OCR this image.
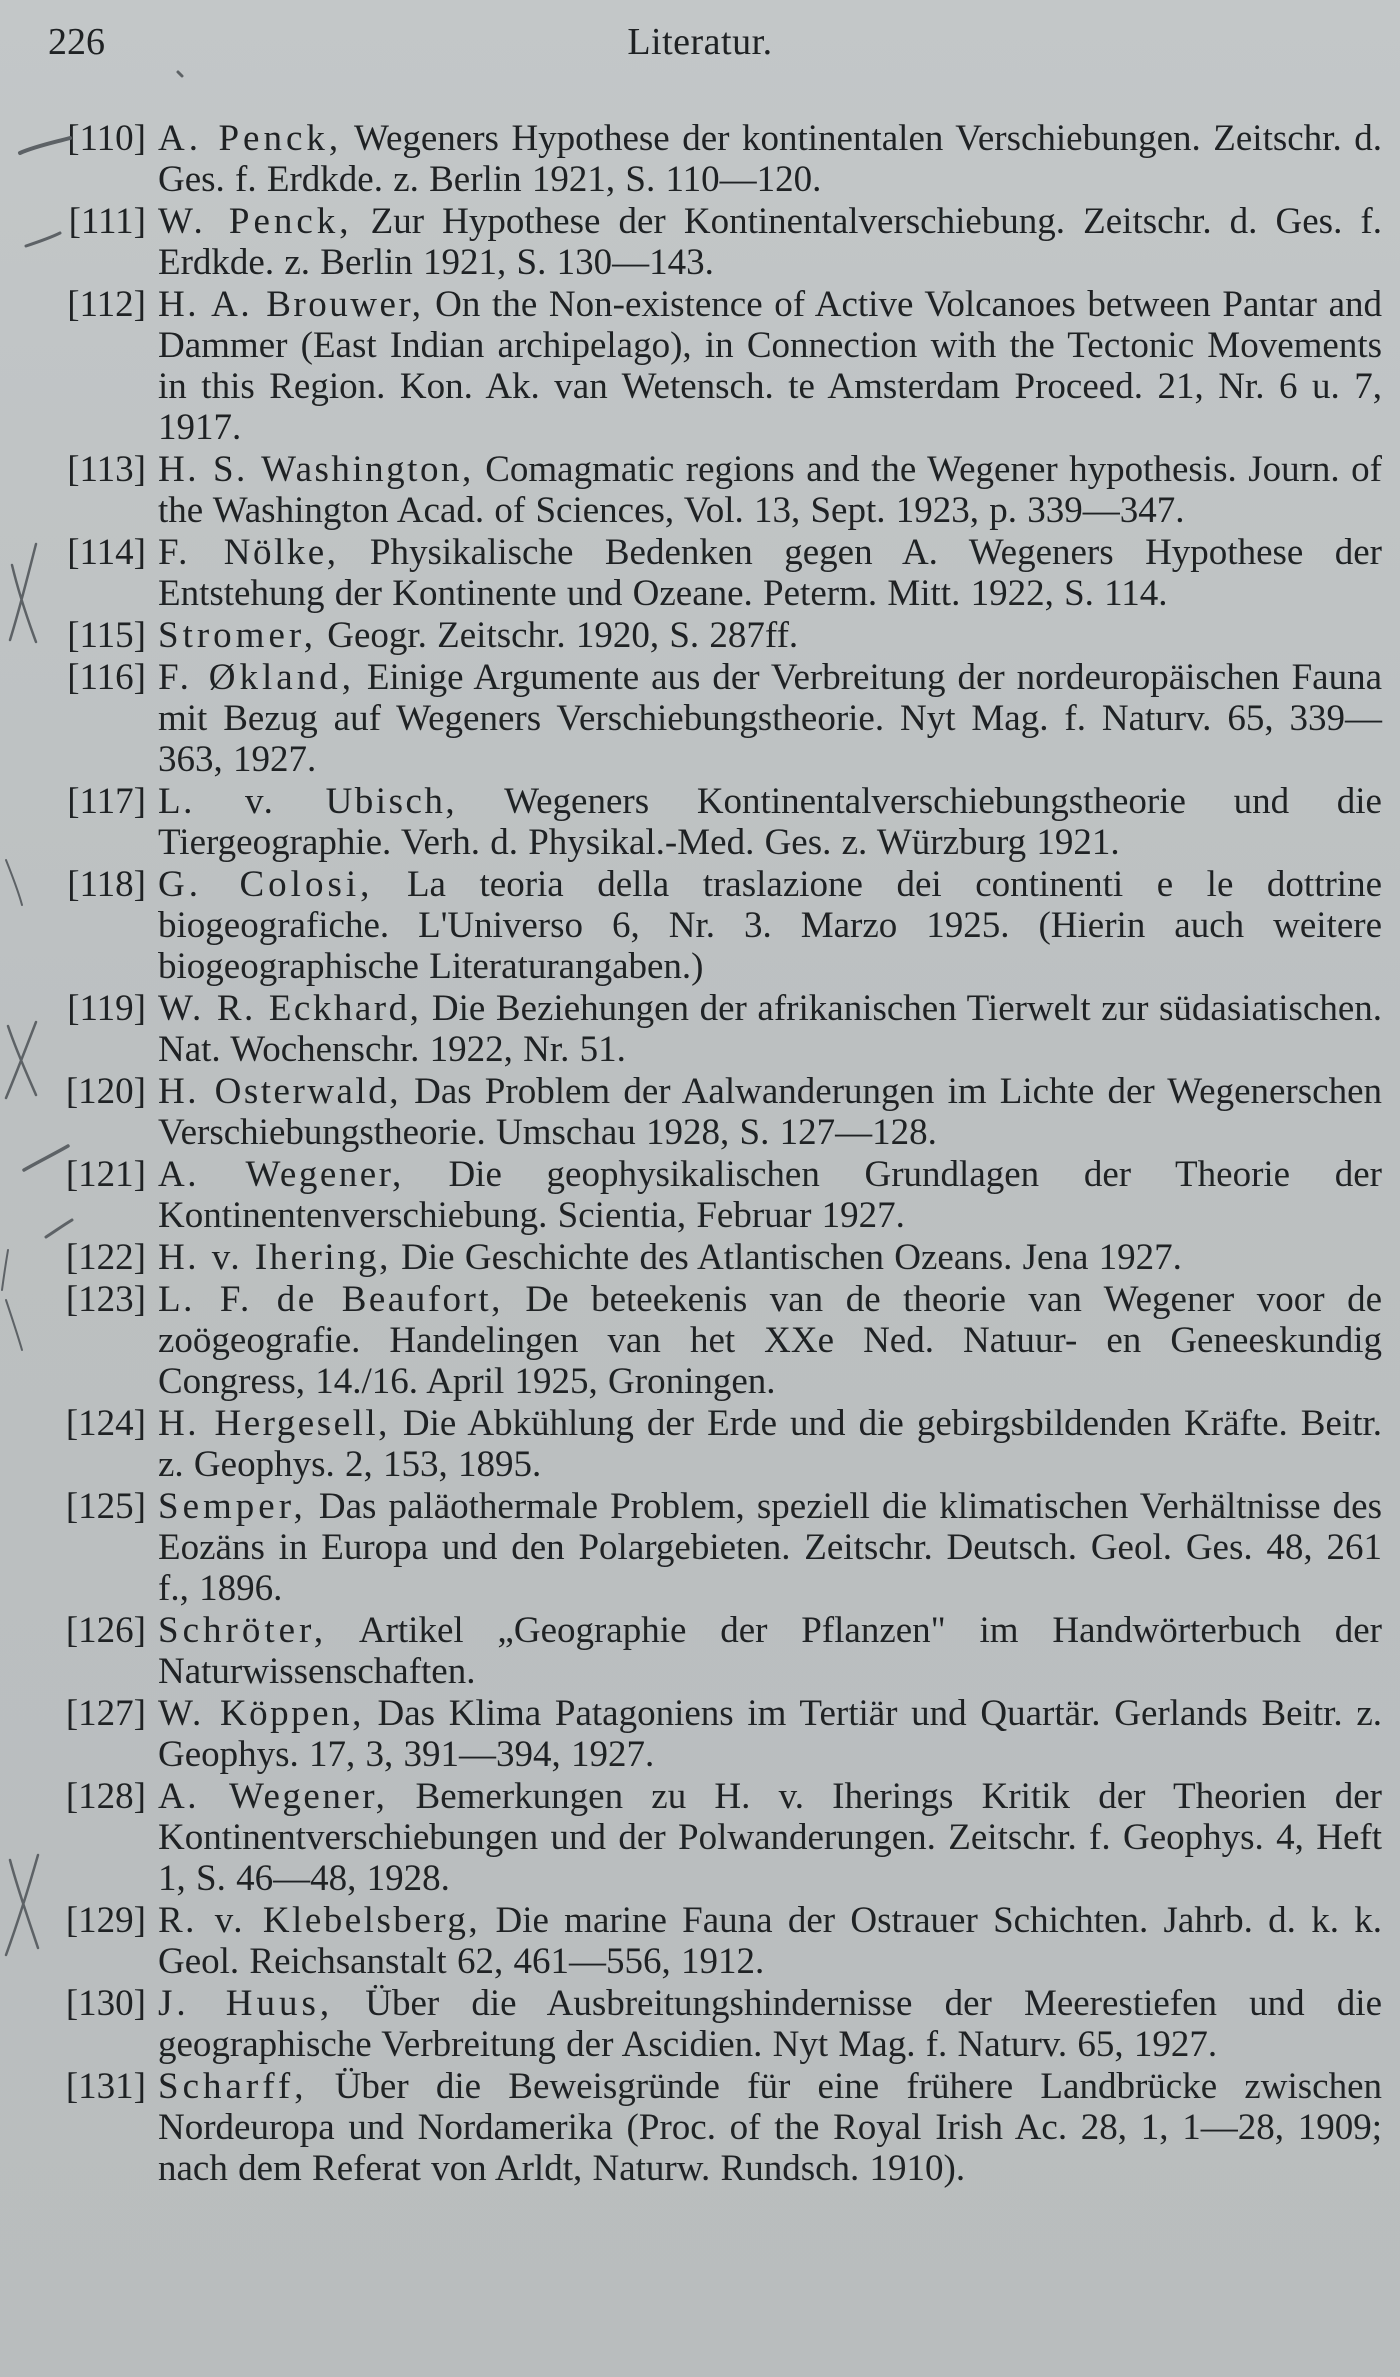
226	Literatur.
[110] A. Penck, Wegeners Hypothese der kontinentalen Verschiebungen. Zeitschr. d. Ges. f. Erdkde. z. Berlin 1921, S. 110—120.
[111] W. Penck, Zur Hypothese der Kontinentalverschiebung. Zeitschr. d. Ges. f. Erdkde. z. Berlin 1921, S. 130—143.
[112] H. A. Brouwer, On the Non-existence of Active Volcanoes between Pantar and Dammer (East Indian archipelago), in Connection with the Tectonic Movements in this Region. Kon. Ak. van Wetensch. te Amsterdam Proceed. 21, Nr. 6 u. 7, 1917.
[113] H. S. Washington, Comagmatic regions and the Wegener hypothesis. Journ. of the Washington Acad. of Sciences, Vol. 13, Sept. 1923, p. 339—347.
[114] F. Nölke, Physikalische Bedenken gegen A. Wegeners Hypothese der Entstehung der Kontinente und Ozeane. Peterm. Mitt. 1922, S. 114.
[115] Stromer, Geogr. Zeitschr. 1920, S. 287ff.
[116] F. Økland, Einige Argumente aus der Verbreitung der nordeuropäischen Fauna mit Bezug auf Wegeners Verschiebungstheorie. Nyt Mag. f. Naturv. 65, 339—363, 1927.
[117] L. v. Ubisch, Wegeners Kontinentalverschiebungstheorie und die Tiergeographie. Verh. d. Physikal.-Med. Ges. z. Würzburg 1921.
[118] G. Colosi, La teoria della traslazione dei continenti e le dottrine biogeografiche. L'Universo 6, Nr. 3. Marzo 1925. (Hierin auch weitere biogeographische Literaturangaben.)
[119] W. R. Eckhard, Die Beziehungen der afrikanischen Tierwelt zur südasiatischen. Nat. Wochenschr. 1922, Nr. 51.
[120] H. Osterwald, Das Problem der Aalwanderungen im Lichte der Wegenerschen Verschiebungstheorie. Umschau 1928, S. 127—128.
[121] A. Wegener, Die geophysikalischen Grundlagen der Theorie der Kontinentenverschiebung. Scientia, Februar 1927.
[122] H. v. Ihering, Die Geschichte des Atlantischen Ozeans. Jena 1927.
[123] L. F. de Beaufort, De beteekenis van de theorie van Wegener voor de zoögeografie. Handelingen van het XXe Ned. Natuur- en Geneeskundig Congress, 14./16. April 1925, Groningen.
[124] H. Hergesell, Die Abkühlung der Erde und die gebirgsbildenden Kräfte. Beitr. z. Geophys. 2, 153, 1895.
[125] Semper, Das paläothermale Problem, speziell die klimatischen Verhältnisse des Eozäns in Europa und den Polargebieten. Zeitschr. Deutsch. Geol. Ges. 48, 261 f., 1896.
[126] Schröter, Artikel „Geographie der Pflanzen" im Handwörterbuch der Naturwissenschaften.
[127] W. Köppen, Das Klima Patagoniens im Tertiär und Quartär. Gerlands Beitr. z. Geophys. 17, 3, 391—394, 1927.
[128] A. Wegener, Bemerkungen zu H. v. Iherings Kritik der Theorien der Kontinentverschiebungen und der Polwanderungen. Zeitschr. f. Geophys. 4, Heft 1, S. 46—48, 1928.
[129] R. v. Klebelsberg, Die marine Fauna der Ostrauer Schichten. Jahrb. d. k. k. Geol. Reichsanstalt 62, 461—556, 1912.
[130] J. Huus, Über die Ausbreitungshindernisse der Meerestiefen und die geographische Verbreitung der Ascidien. Nyt Mag. f. Naturv. 65, 1927.
[131] Scharff, Über die Beweisgründe für eine frühere Landbrücke zwischen Nordeuropa und Nordamerika (Proc. of the Royal Irish Ac. 28, 1, 1—28, 1909; nach dem Referat von Arldt, Naturw. Rundsch. 1910).
